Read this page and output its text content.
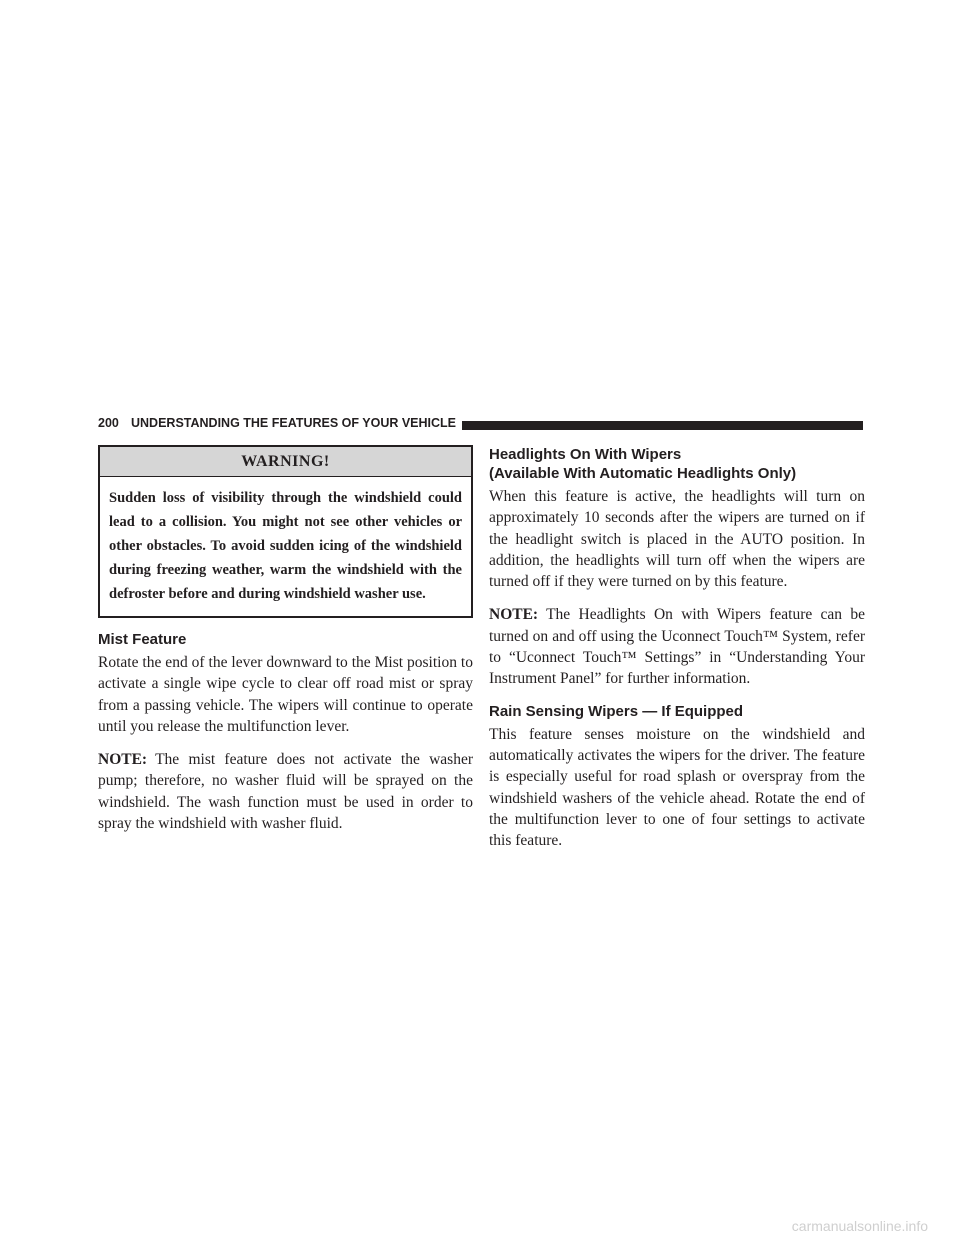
200 UNDERSTANDING THE FEATURES OF YOUR VEHICLE
WARNING!
Sudden loss of visibility through the windshield could lead to a collision. You might not see other vehicles or other obstacles. To avoid sudden icing of the windshield during freezing weather, warm the windshield with the defroster before and during windshield washer use.
Mist Feature

Rotate the end of the lever downward to the Mist position to activate a single wipe cycle to clear off road mist or spray from a passing vehicle. The wipers will continue to operate until you release the multifunction lever.

NOTE: The mist feature does not activate the washer pump; therefore, no washer fluid will be sprayed on the windshield. The wash function must be used in order to spray the windshield with washer fluid.

Headlights On With Wipers
(Available With Automatic Headlights Only)

When this feature is active, the headlights will turn on approximately 10 seconds after the wipers are turned on if the headlight switch is placed in the AUTO position. In addition, the headlights will turn off when the wipers are turned off if they were turned on by this feature.

NOTE: The Headlights On with Wipers feature can be turned on and off using the Uconnect Touch™ System, refer to “Uconnect Touch™ Settings” in “Understanding Your Instrument Panel” for further information.

Rain Sensing Wipers — If Equipped

This feature senses moisture on the windshield and automatically activates the wipers for the driver. The feature is especially useful for road splash or overspray from the windshield washers of the vehicle ahead. Rotate the end of the multifunction lever to one of four settings to activate this feature.

carmanualsonline.info
